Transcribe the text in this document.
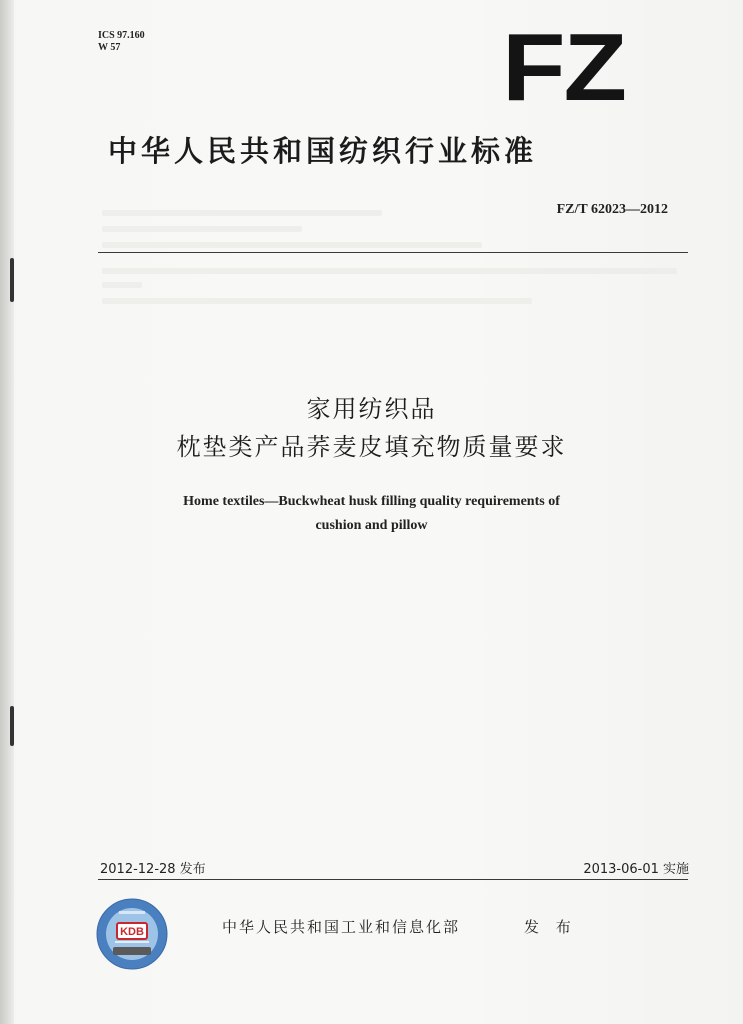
ICS 97.160
W 57	FZ
中华人民共和国纺织行业标准
FZ/T 62023—2012
家用纺织品
枕垫类产品荞麦皮填充物质量要求
Home textiles—Buckwheat husk filling quality requirements of
cushion and pillow
2012-12-28 发布	2013-06-01 实施
KDB	中华人民共和国工业和信息化部	发 布
